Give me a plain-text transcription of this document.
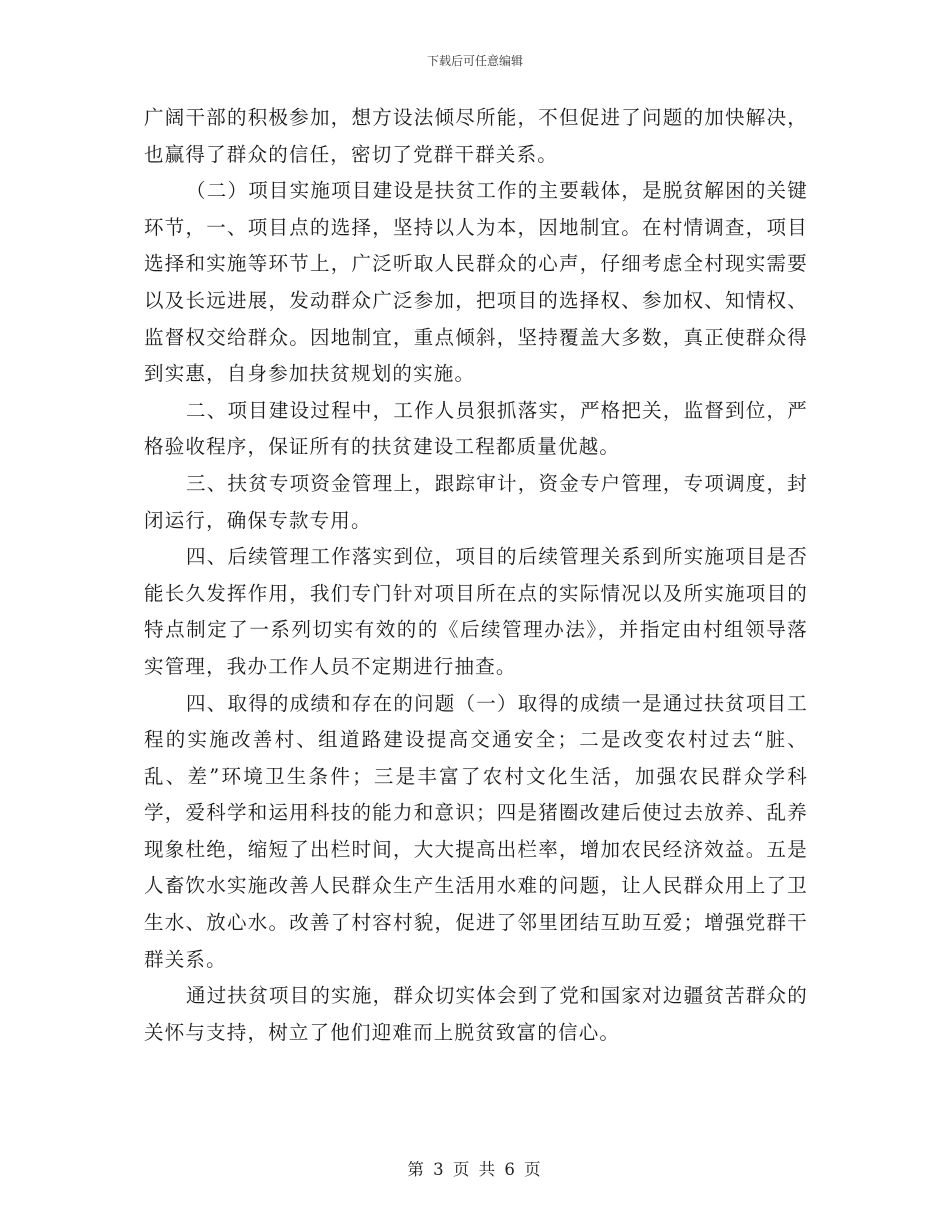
下载后可任意编辑

广阔干部的积极参加，想方设法倾尽所能，不但促进了问题的加快解决，也赢得了群众的信任，密切了党群干群关系。

（二）项目实施项目建设是扶贫工作的主要载体，是脱贫解困的关键环节，一、项目点的选择，坚持以人为本，因地制宜。在村情调查，项目选择和实施等环节上，广泛听取人民群众的心声，仔细考虑全村现实需要以及长远进展，发动群众广泛参加，把项目的选择权、参加权、知情权、监督权交给群众。因地制宜，重点倾斜，坚持覆盖大多数，真正使群众得到实惠，自身参加扶贫规划的实施。

二、项目建设过程中，工作人员狠抓落实，严格把关，监督到位，严格验收程序，保证所有的扶贫建设工程都质量优越。

三、扶贫专项资金管理上，跟踪审计，资金专户管理，专项调度，封闭运行，确保专款专用。

四、后续管理工作落实到位，项目的后续管理关系到所实施项目是否能长久发挥作用，我们专门针对项目所在点的实际情况以及所实施项目的特点制定了一系列切实有效的的《后续管理办法》，并指定由村组领导落实管理，我办工作人员不定期进行抽查。

四、取得的成绩和存在的问题（一）取得的成绩一是通过扶贫项目工程的实施改善村、组道路建设提高交通安全；二是改变农村过去“脏、乱、差”环境卫生条件；三是丰富了农村文化生活，加强农民群众学科学，爱科学和运用科技的能力和意识；四是猪圈改建后使过去放养、乱养现象杜绝，缩短了出栏时间，大大提高出栏率，增加农民经济效益。五是人畜饮水实施改善人民群众生产生活用水难的问题，让人民群众用上了卫生水、放心水。改善了村容村貌，促进了邻里团结互助互爱；增强党群干群关系。

通过扶贫项目的实施，群众切实体会到了党和国家对边疆贫苦群众的关怀与支持，树立了他们迎难而上脱贫致富的信心。

第 3 页 共 6 页
